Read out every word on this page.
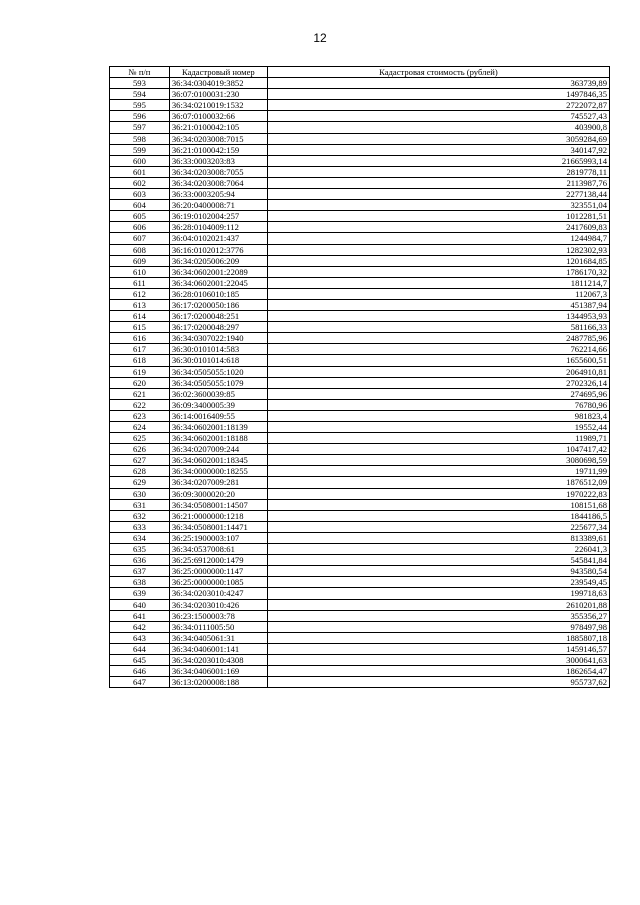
12
№ п/п	Кадастровый номер	Кадастровая стоимость (рублей)
593	36:34:0304019:3852	363739,89
594	36:07:0100031:230	1497846,35
595	36:34:0210019:1532	2722072,87
596	36:07:0100032:66	745527,43
597	36:21:0100042:105	403900,8
598	36:34:0203008:7015	3059284,69
599	36:21:0100042:159	340147,92
600	36:33:0003203:83	21665993,14
601	36:34:0203008:7055	2819778,11
602	36:34:0203008:7064	2113987,76
603	36:33:0003205:94	2277138,44
604	36:20:0400008:71	323551,04
605	36:19:0102004:257	1012281,51
606	36:28:0104009:112	2417609,83
607	36:04:0102021:437	1244984,7
608	36:16:0102012:3776	1282302,93
609	36:34:0205006:209	1201684,85
610	36:34:0602001:22089	1786170,32
611	36:34:0602001:22045	1811214,7
612	36:28:0106010:185	112067,3
613	36:17:0200050:186	451387,94
614	36:17:0200048:251	1344953,93
615	36:17:0200048:297	581166,33
616	36:34:0307022:1940	2487785,96
617	36:30:0101014:583	762214,66
618	36:30:0101014:618	1655600,51
619	36:34:0505055:1020	2064910,81
620	36:34:0505055:1079	2702326,14
621	36:02:3600039:85	274695,96
622	36:09:3400005:39	76780,96
623	36:14:0016409:55	981823,4
624	36:34:0602001:18139	19552,44
625	36:34:0602001:18188	11989,71
626	36:34:0207009:244	1047417,42
627	36:34:0602001:18345	3080698,59
628	36:34:0000000:18255	19711,99
629	36:34:0207009:281	1876512,09
630	36:09:3000020:20	1970222,83
631	36:34:0508001:14507	108151,68
632	36:21:0000000:1218	1844186,5
633	36:34:0508001:14471	225677,34
634	36:25:1900003:107	813389,61
635	36:34:0537008:61	226041,3
636	36:25:6912000:1479	545841,84
637	36:25:0000000:1147	943580,54
638	36:25:0000000:1085	239549,45
639	36:34:0203010:4247	199718,63
640	36:34:0203010:426	2610201,88
641	36:23:1500003:78	355356,27
642	36:34:0111005:50	978497,98
643	36:34:0405061:31	1885807,18
644	36:34:0406001:141	1459146,57
645	36:34:0203010:4308	3000641,63
646	36:34:0406001:169	1862654,47
647	36:13:0200008:188	955737,62
